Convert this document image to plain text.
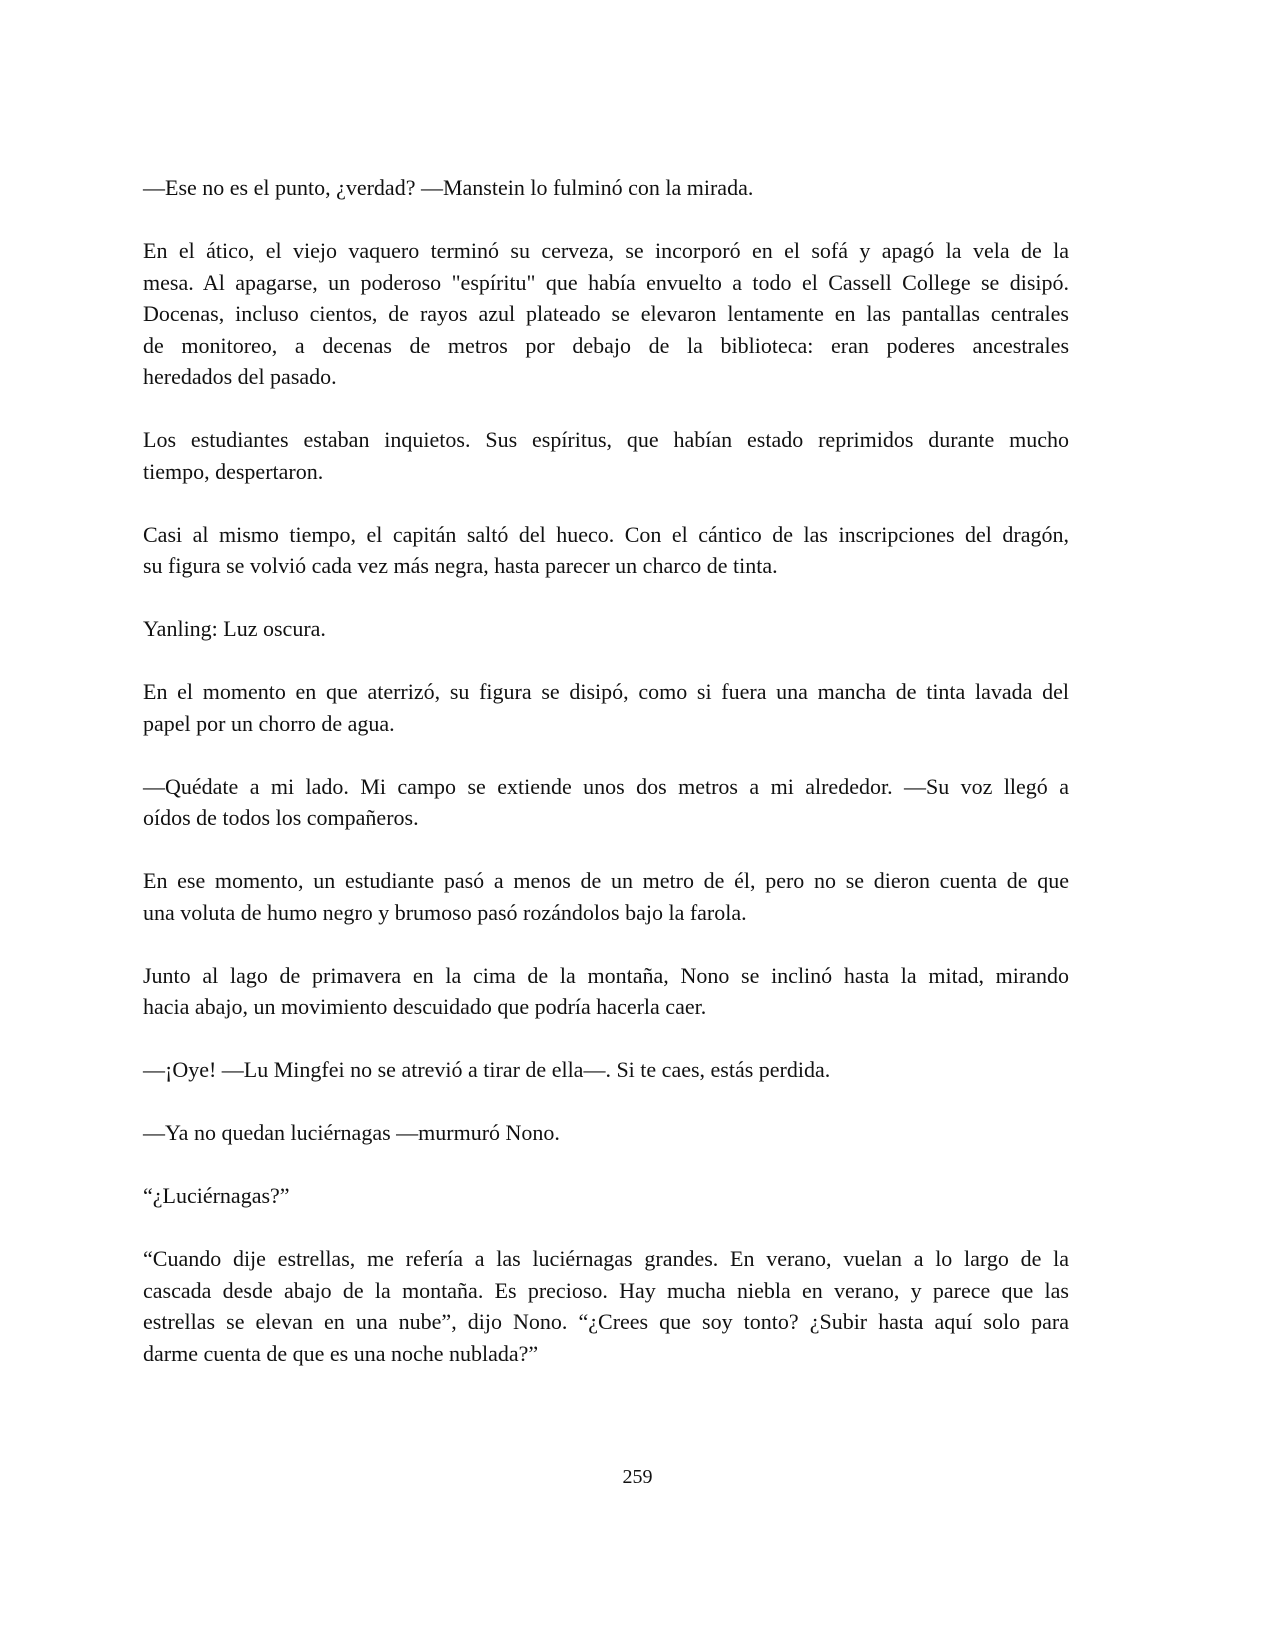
—Ese no es el punto, ¿verdad? —Manstein lo fulminó con la mirada.
En el ático, el viejo vaquero terminó su cerveza, se incorporó en el sofá y apagó la vela de la
mesa. Al apagarse, un poderoso "espíritu" que había envuelto a todo el Cassell College se disipó.
Docenas, incluso cientos, de rayos azul plateado se elevaron lentamente en las pantallas centrales
de monitoreo, a decenas de metros por debajo de la biblioteca: eran poderes ancestrales
heredados del pasado.
Los estudiantes estaban inquietos. Sus espíritus, que habían estado reprimidos durante mucho
tiempo, despertaron.
Casi al mismo tiempo, el capitán saltó del hueco. Con el cántico de las inscripciones del dragón,
su figura se volvió cada vez más negra, hasta parecer un charco de tinta.
Yanling: Luz oscura.
En el momento en que aterrizó, su figura se disipó, como si fuera una mancha de tinta lavada del
papel por un chorro de agua.
—Quédate a mi lado. Mi campo se extiende unos dos metros a mi alrededor. —Su voz llegó a
oídos de todos los compañeros.
En ese momento, un estudiante pasó a menos de un metro de él, pero no se dieron cuenta de que
una voluta de humo negro y brumoso pasó rozándolos bajo la farola.
Junto al lago de primavera en la cima de la montaña, Nono se inclinó hasta la mitad, mirando
hacia abajo, un movimiento descuidado que podría hacerla caer.
—¡Oye! —Lu Mingfei no se atrevió a tirar de ella—. Si te caes, estás perdida.
—Ya no quedan luciérnagas —murmuró Nono.
“¿Luciérnagas?”
“Cuando dije estrellas, me refería a las luciérnagas grandes. En verano, vuelan a lo largo de la
cascada desde abajo de la montaña. Es precioso. Hay mucha niebla en verano, y parece que las
estrellas se elevan en una nube”, dijo Nono. “¿Crees que soy tonto? ¿Subir hasta aquí solo para
darme cuenta de que es una noche nublada?”
259
